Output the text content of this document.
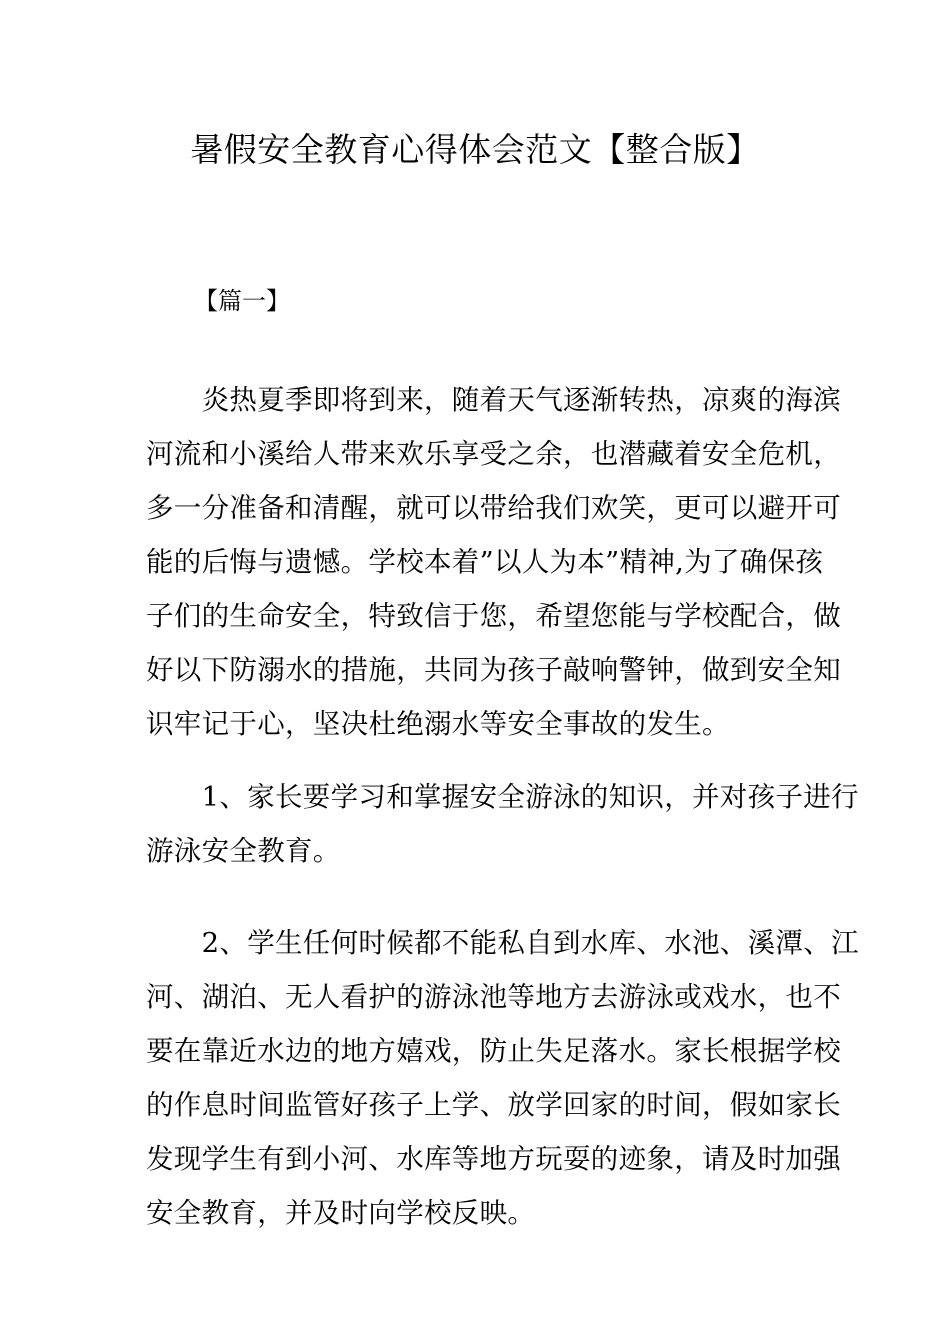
暑假安全教育心得体会范文【整合版】

【篇一】

　　炎热夏季即将到来，随着天气逐渐转热，凉爽的海滨
河流和小溪给人带来欢乐享受之余，也潜藏着安全危机，
多一分准备和清醒，就可以带给我们欢笑，更可以避开可
能的后悔与遗憾。学校本着”以人为本”精神,为了确保孩
子们的生命安全，特致信于您，希望您能与学校配合，做
好以下防溺水的措施，共同为孩子敲响警钟，做到安全知
识牢记于心，坚决杜绝溺水等安全事故的发生。

　　1、家长要学习和掌握安全游泳的知识，并对孩子进行
游泳安全教育。

　　2、学生任何时候都不能私自到水库、水池、溪潭、江
河、湖泊、无人看护的游泳池等地方去游泳或戏水，也不
要在靠近水边的地方嬉戏，防止失足落水。家长根据学校
的作息时间监管好孩子上学、放学回家的时间，假如家长
发现学生有到小河、水库等地方玩耍的迹象，请及时加强
安全教育，并及时向学校反映。
